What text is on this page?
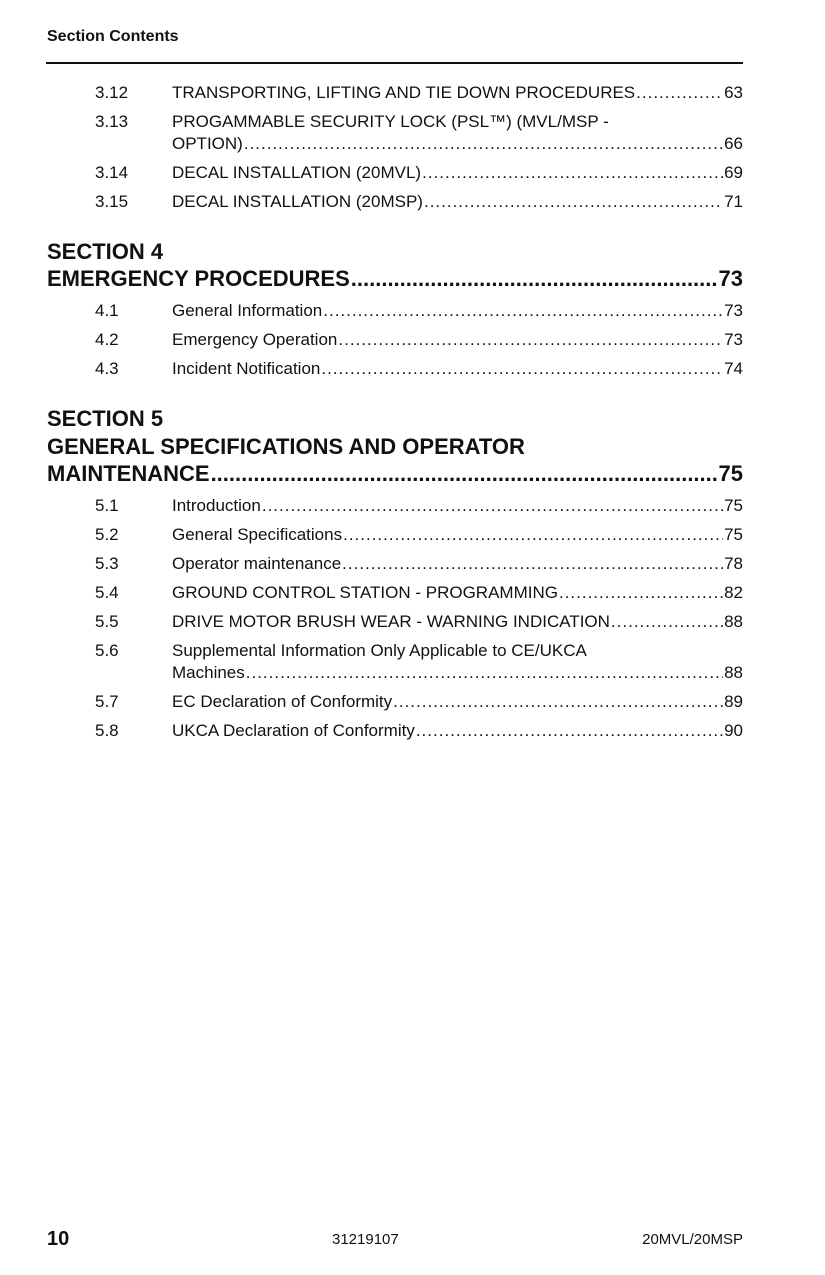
Section Contents
3.12	TRANSPORTING, LIFTING AND TIE DOWN PROCEDURES .....	63
3.13	PROGAMMABLE SECURITY LOCK (PSL™) (MVL/MSP -
OPTION) .....	66
3.14	DECAL INSTALLATION (20MVL) .....	69
3.15	DECAL INSTALLATION (20MSP) .....	71
SECTION 4
EMERGENCY PROCEDURES .....	73
4.1	General Information .....	73
4.2	Emergency Operation .....	73
4.3	Incident Notification .....	74
SECTION 5
GENERAL SPECIFICATIONS AND OPERATOR
MAINTENANCE .....	75
5.1	Introduction .....	75
5.2	General Specifications .....	75
5.3	Operator maintenance .....	78
5.4	GROUND CONTROL STATION - PROGRAMMING .....	82
5.5	DRIVE MOTOR BRUSH WEAR - WARNING INDICATION .....	88
5.6	Supplemental Information Only Applicable to CE/UKCA
Machines .....	88
5.7	EC Declaration of Conformity .....	89
5.8	UKCA Declaration of Conformity .....	90
10	31219107	20MVL/20MSP
